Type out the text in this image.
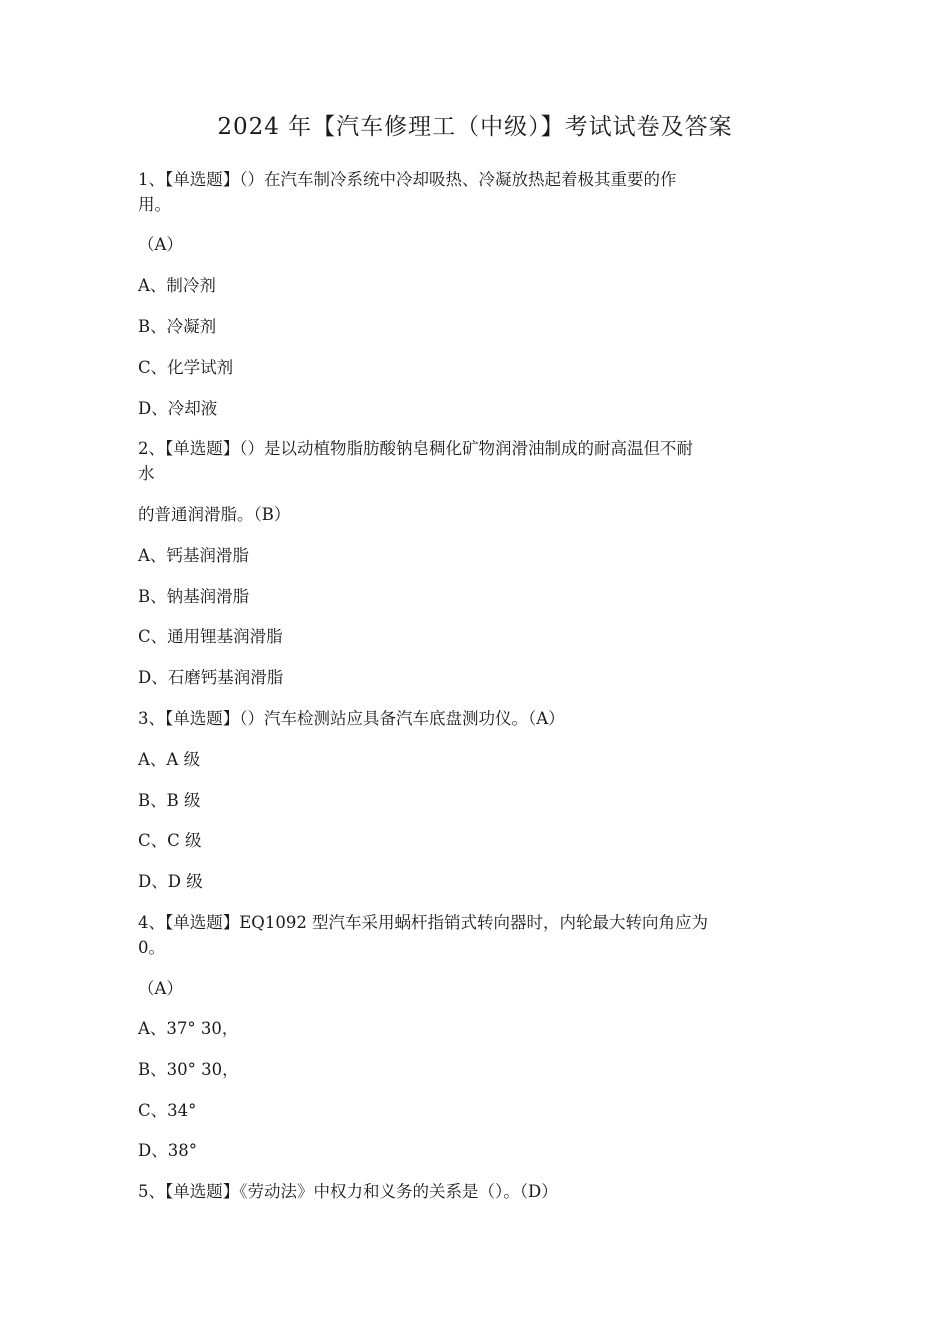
2024 年【汽车修理工（中级）】考试试卷及答案
1、【单选题】（）在汽车制冷系统中冷却吸热、冷凝放热起着极其重要的作
用。
（A）
A、制冷剂
B、冷凝剂
C、化学试剂
D、冷却液
2、【单选题】（）是以动植物脂肪酸钠皂稠化矿物润滑油制成的耐高温但不耐
水
的普通润滑脂。（B）
A、钙基润滑脂
B、钠基润滑脂
C、通用锂基润滑脂
D、石磨钙基润滑脂
3、【单选题】（）汽车检测站应具备汽车底盘测功仪。（A）
A、A 级
B、B 级
C、C 级
D、D 级
4、【单选题】EQ1092 型汽车采用蜗杆指销式转向器时，内轮最大转向角应为
0。
（A）
A、37° 30，
B、30° 30，
C、34°
D、38°
5、【单选题】《劳动法》中权力和义务的关系是（）。（D）
